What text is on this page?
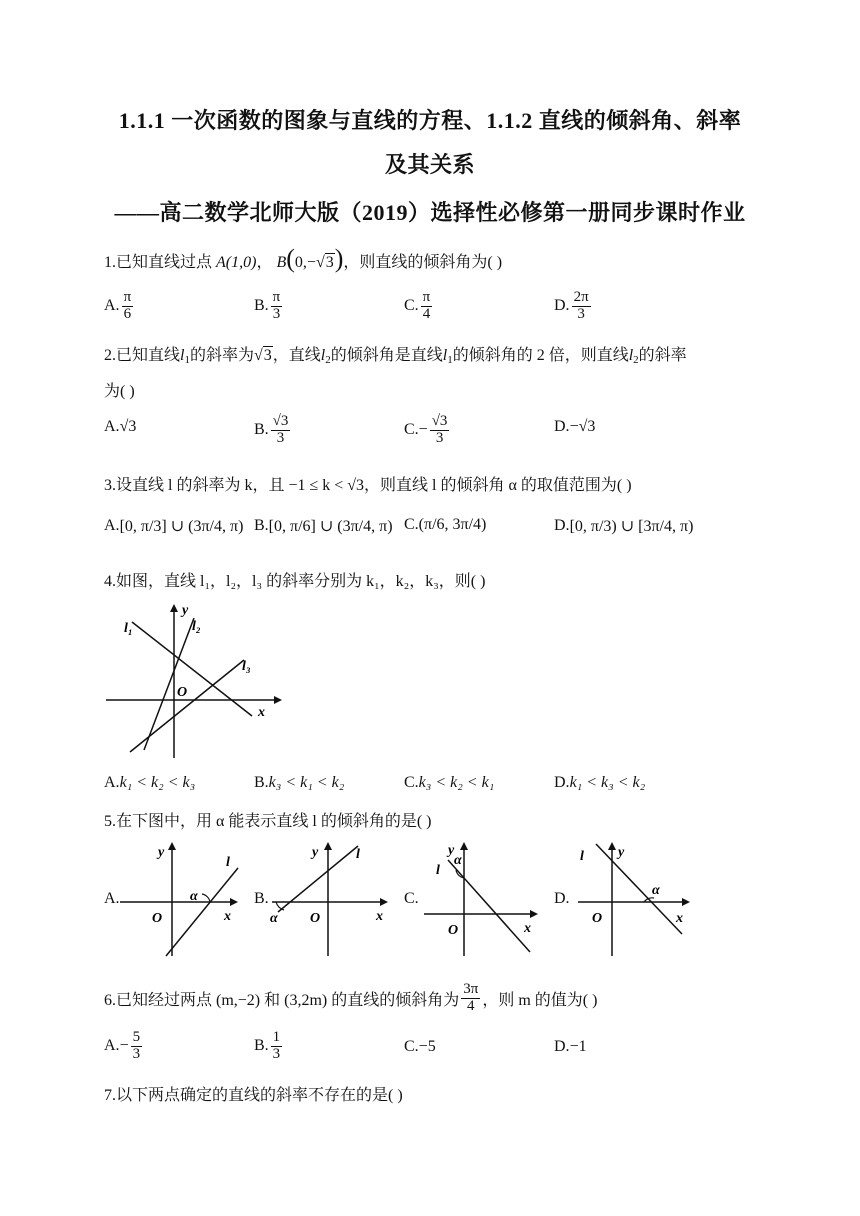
1.1.1 一次函数的图象与直线的方程、1.1.2 直线的倾斜角、斜率
及其关系
——高二数学北师大版（2019）选择性必修第一册同步课时作业
1.已知直线过点 A(1,0)， B(0,−√3)，则直线的倾斜角为( )
A. $\frac{\pi}{6}$	B. $\frac{\pi}{3}$	C. $\frac{\pi}{4}$	D. $\frac{2\pi}{3}$
2.已知直线$l_1$的斜率为√3，直线$l_2$的倾斜角是直线$l_1$的倾斜角的 2 倍，则直线$l_2$的斜率
为( )
A. √3	B. $\frac{√3}{3}$	C. − $\frac{√3}{3}$	D. −√3
3.设直线 l 的斜率为 k，且 −1 ≤ k < √3，则直线 l 的倾斜角 α 的取值范围为( )
A. [0, π/3] ∪ (3π/4, π) B. [0, π/6] ∪ (3π/4, π) C. (π/6, 3π/4)	D. [0, π/3) ∪ [3π/4, π)
4.如图，直线 l₁，l₂，l₃ 的斜率分别为 k₁，k₂，k₃，则( )
y
x
O
l₁	l₂
l₃
A. k₁ < k₂ < k₃	B. k₃ < k₁ < k₂	C. k₃ < k₂ < k₁	D. k₁ < k₃ < k₂
5.在下图中，用 α 能表示直线 l 的倾斜角的是( )
A.
y
x
O
l
α	B.
y
x
O
l
α
C.
y
x
O
l
α
D.
y
x
O
l
α
6.已知经过两点 (m,−2) 和 (3,2m) 的直线的倾斜角为 $\frac{3\pi}{4}$ ，则 m 的值为( )
A. − $\frac{5}{3}$	B. $\frac{1}{3}$	C. −5	D. −1
7.以下两点确定的直线的斜率不存在的是( )
